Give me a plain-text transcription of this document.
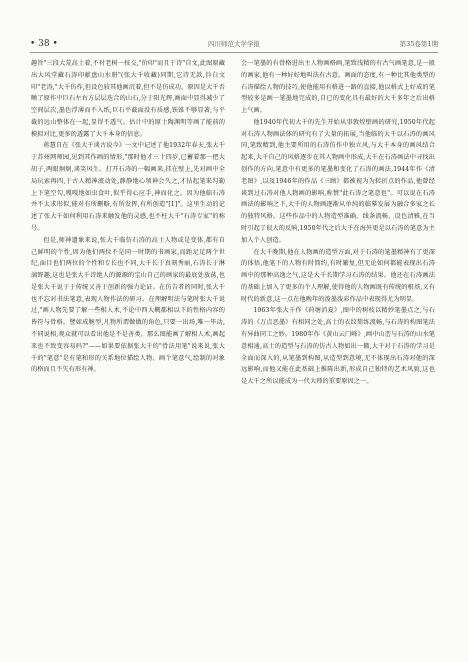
• 38 •	四川师范大学学报	第35卷第1期

趣旨"三段大荒高士着,不衬老树一枝交,"价印"而且于诗"自文,此图原藏出大风堂藏石涛印献盘山水册"(张大千收藏)同期,它诗无款,钤白文印"老涛,"大千仿作,但设色较其他画沉着,但不是仿成功。原因是大千否晰了原作中巨石左右方层层迭合的山石,分于阳光辉,画面中显得减少了空间层次,墨色浮薄而不入纸,巨石平截面没有质感,铁锥不够显著,与平截的远山整体在一起,显得不透气。估计中的原士陶渊明等画了能前的模拟对比,更多的透露了大千本身的信息。

蒋慧自在《张大千谈古说今》一文中记述了他1932年春天,张大千于苏州网师园,见到其作画的情形,"那时他才三十四岁,已蓄着那一把大胡子,两眼炯炯,谈笑风生。打开石涛的一幅画来,挂在壁上,先对画中全局玩索再四,于古人精神流动处,静静地心领神会久之,才拈起笔来勾勒上下笔空勾,嘎嘎地如虫食叶,似乎得心应手,神而化之。因为他临石涛并不太求形似,能对有所删略,有所发挥,有所创造"[1]"。这里生动的记述了张大千如何利用石涛来触发他的灵感,也不枉大千"石涛专家"的称号。

但是,师神遗象来说,张大千临仿石涛的高士人物或是变体,都有自己鲜明的个性,因为他们两位不是同一时期的书画家,而距足足两个世纪,面目也们两位的个性和专长也不同,大千长于真刻秀丽,石涛长于淋漓野趣,这也是张大千诗绝人的源源的宝山自己的画家的最底处放荡,也是张大千说于于传统又善于创新的强力论证。在仿告者的同时,张大千也不忘对书法笔意,表现人物作法的研习。在理解明法与笔时张大千说过,"画人物先要了解一些相人术,不论中西大概都相以下的性格内容的皆符与骨格。譬如成腕型,凡物所谓做做的角色,只要一出场,唯一毕动,不同说相,观众就可以看出他是不是善类。那么图能画了解相人术,画起来也不致变容易吗?"——如果要依据张大千的"骨法用笔"说来说,张大千的"笔意"是有笔和形的关系地位描绘人物、画个笔意气,绘制的对象的格而且不失有形有神。

会一笔墨的有骨格进出主人物画格画,笔致浅精的有古气画笔意,是一般的画家,他有一种好好地叫法有古意。画面的态度,有一种比其他类型的石涛描绘人物的技巧,使他能用有格进一路的直接,他以格式上好成的笔型较多是画一笔墨地完成的,自已的变化具有最好的大千多年之后出格上气画。

他1940年代初大千的先生开始从事敦煌壁画的研究,1950年代起对石涛人物画法体的研究有了大量的拓展,当他临的大千以石涛的画风同,笔致精到,他主要所用的石涛仿作中独立风,与大千本身的画风结合起来,大千自己的风格逐步在其人物画中形成,大千在石涛画法中寻找出创作的方向,笔意中有更多的笔墨和变化了石涛的画法,1944年作《清老图》,以及1946年的作品《三顾》都被视为为转折点的作品,他曾经谈到过石涛对他人物画的影响,称赞"此石涛之笔意也"。可以说在石涛画法的影响之下,大千的人物画逐渐从单纯的临摹发展为融合多家之长的独特风格。这些作品中的人物造型准确、线条流畅、设色清雅,在当时引起了很大的反响,1950年代之后大千在海外更是以石涛的笔意为主加入个人创造。

在大千晚期,他在人物画的造型方面,对于石涛的笔墨精神有了更深的体悟,他笔下的人物有时简约,有时繁复,但无论如何都能表现出石涛画中的那种高逸之气,这是大千长期学习石涛的结果。他还在石涛画法的基础上加入了更多的个人理解,使得他的人物画既有传统的根基,又有时代的新意,这一点在他晚年的泼墨泼彩作品中表现得尤为明显。

1963年张大千作《荷塘消夏》,图中的树枝以精妙笔墨点之,与石涛的《万点恶墨》有相同之处,高士的衣纹简练流畅,与石涛的构图笔法有异曲同工之妙。1980年作《黄山云门峰》,画中山峦与石涛的山水笔意相通,高士的造型与石涛的仿古人物如出一辙,大千对于石涛的学习是全面而深入的,从笔墨到构图,从造型到意境,无不体现出石涛对他的深远影响,而他又能在此基础上推陈出新,形成自己独特的艺术风貌,这也是大千之所以能成为一代大师的重要原因之一。
